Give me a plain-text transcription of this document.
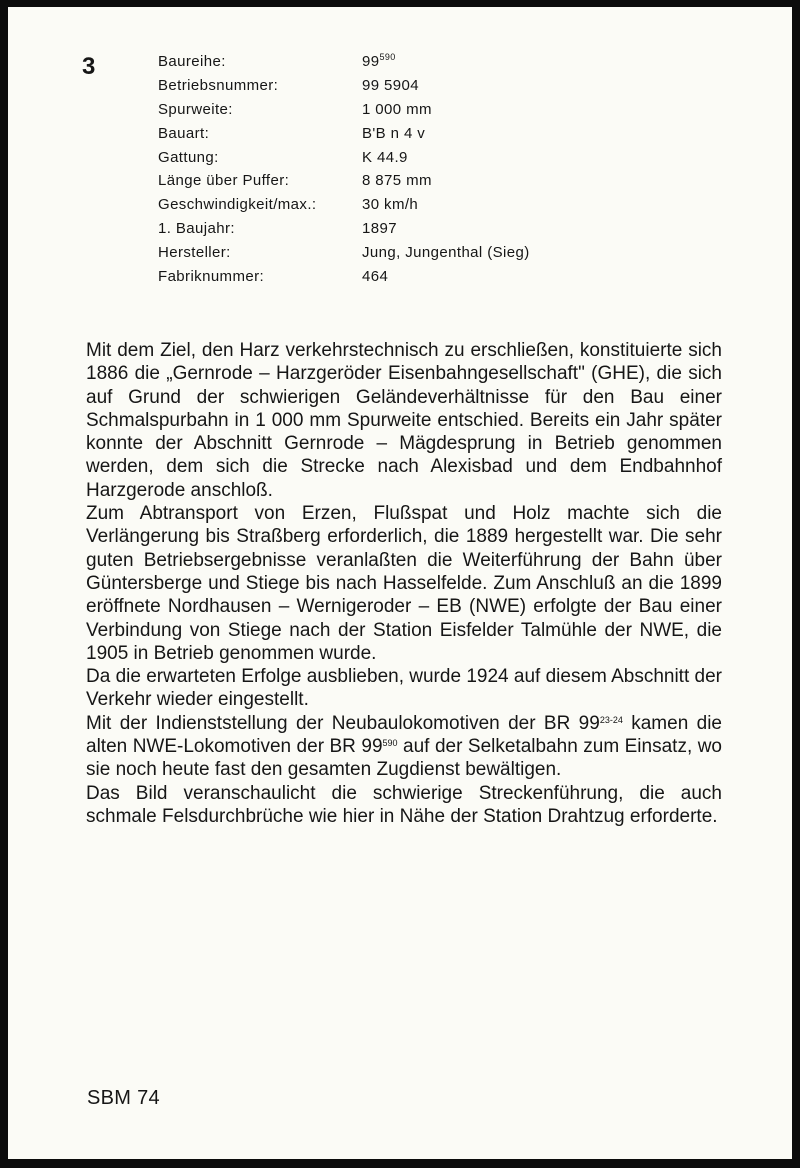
3	Baureihe:	$99^{590}$
Betriebsnummer:	99 5904
Spurweite:	1 000 mm
Bauart:	B'B n 4 v
Gattung:	K 44.9
Länge über Puffer:	8 875 mm
Geschwindigkeit/max.:	30 km/h
1. Baujahr:	1897
Hersteller:	Jung, Jungenthal (Sieg)
Fabriknummer:	464

Mit dem Ziel, den Harz verkehrstechnisch zu erschließen, konstituierte sich 1886 die „Gernrode – Harzgeröder Eisenbahngesellschaft" (GHE), die sich auf Grund der schwierigen Geländeverhältnisse für den Bau einer Schmalspurbahn in 1 000 mm Spurweite entschied. Bereits ein Jahr später konnte der Abschnitt Gernrode – Mägdesprung in Betrieb genommen werden, dem sich die Strecke nach Alexisbad und dem Endbahnhof Harzgerode anschloß.

Zum Abtransport von Erzen, Flußspat und Holz machte sich die Verlängerung bis Straßberg erforderlich, die 1889 hergestellt war. Die sehr guten Betriebsergebnisse veranlaßten die Weiterführung der Bahn über Güntersberge und Stiege bis nach Hasselfelde. Zum Anschluß an die 1899 eröffnete Nordhausen – Wernigeroder – EB (NWE) erfolgte der Bau einer Verbindung von Stiege nach der Station Eisfelder Talmühle der NWE, die 1905 in Betrieb genommen wurde.

Da die erwarteten Erfolge ausblieben, wurde 1924 auf diesem Abschnitt der Verkehr wieder eingestellt.

Mit der Indienststellung der Neubaulokomotiven der BR 99$^{23-24}$ kamen die alten NWE-Lokomotiven der BR $99^{590}$ auf der Selketalbahn zum Einsatz, wo sie noch heute fast den gesamten Zugdienst bewältigen.

Das Bild veranschaulicht die schwierige Streckenführung, die auch schmale Felsdurchbrüche wie hier in Nähe der Station Drahtzug erforderte.

SBM 74
